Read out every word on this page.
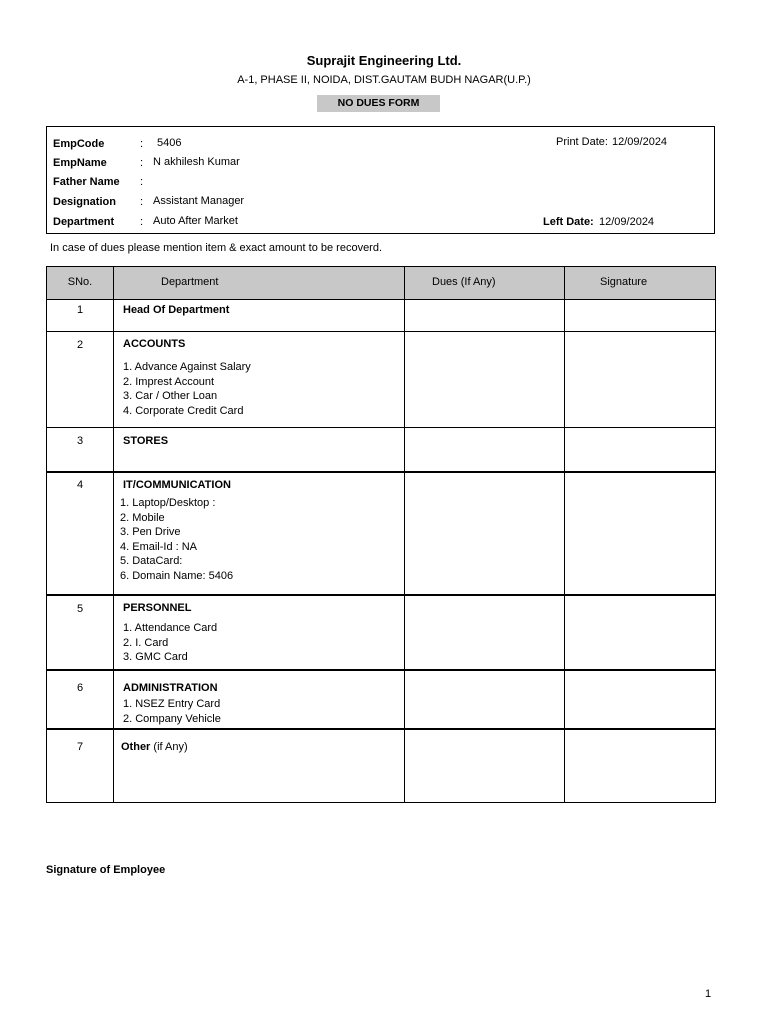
Suprajit Engineering Ltd.
A-1, PHASE II, NOIDA, DIST.GAUTAM BUDH NAGAR(U.P.)
NO DUES FORM
EmpCode	: 5406
EmpName	: N akhilesh Kumar
Father Name :
Designation : Assistant Manager
Department : Auto After Market
Print Date: 12/09/2024
Left Date: 12/09/2024
In case of dues please mention item & exact amount to be recoverd.
SNo.	Department	Dues (If Any)	Signature
1	Head Of Department
2	ACCOUNTS
1. Advance Against Salary
2. Imprest Account
3. Car / Other Loan
4. Corporate Credit Card
3	STORES
4	IT/COMMUNICATION
1. Laptop/Desktop :
2. Mobile
3. Pen Drive
4. Email-Id : NA
5. DataCard:
6. Domain Name: 5406
5	PERSONNEL
1. Attendance Card
2. I. Card
3. GMC Card
6	ADMINISTRATION
1. NSEZ Entry Card
2. Company Vehicle
7	Other (if Any)
Signature of Employee
1
